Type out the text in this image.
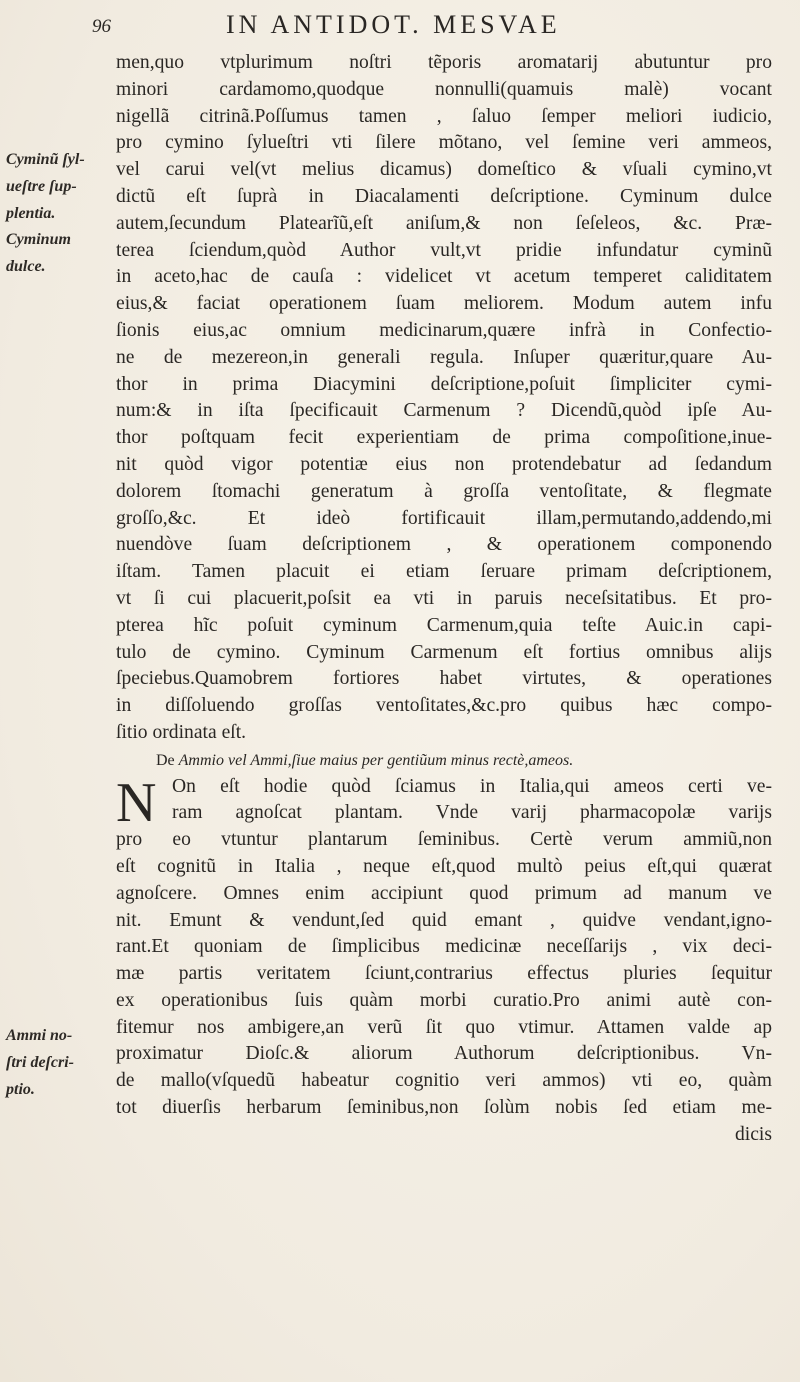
96	IN ANTIDOT. MESVAE
Cyminũ ſyl-
ueſtre ſup-
plentia.
Cyminum
dulce.
Ammi no-
ſtri deſcri-
ptio.
men,quo vtplurimum noſtri tẽporis aromatarij abutuntur pro
minori cardamomo,quodque nonnulli(quamuis malè) vocant
nigellã citrinã.Poſſumus tamen , ſaluo ſemper meliori iudicio,
pro cymino ſylueſtri vti ſilere mõtano, vel ſemine veri ammeos,
vel carui vel(vt melius dicamus) domeſtico & vſuali cymino,vt
dictũ eſt ſuprà in Diacalamenti deſcriptione. Cyminum dulce
autem,ſecundum Platearĩũ,eſt aniſum,& non ſeſeleos, &c. Præ-
terea ſciendum,quòd Author vult,vt pridie infundatur cyminũ
in aceto,hac de cauſa : videlicet vt acetum temperet caliditatem
eius,& faciat operationem ſuam meliorem. Modum autem infu
ſionis eius,ac omnium medicinarum,quære infrà in Confectio-
ne de mezereon,in generali regula. Inſuper quæritur,quare Au-
thor in prima Diacymini deſcriptione,poſuit ſimpliciter cymi-
num:& in iſta ſpecificauit Carmenum ? Dicendũ,quòd ipſe Au-
thor poſtquam fecit experientiam de prima compoſitione,inue-
nit quòd vigor potentiæ eius non protendebatur ad ſedandum
dolorem ſtomachi generatum à groſſa ventoſitate, & flegmate
groſſo,&c. Et ideò fortificauit illam,permutando,addendo,mi
nuendòve ſuam deſcriptionem , & operationem componendo
iſtam. Tamen placuit ei etiam ſeruare primam deſcriptionem,
vt ſi cui placuerit,poſsit ea vti in paruis neceſsitatibus. Et pro-
pterea hĩc poſuit cyminum Carmenum,quia teſte Auic.in capi-
tulo de cymino. Cyminum Carmenum eſt fortius omnibus alijs
ſpeciebus.Quamobrem fortiores habet virtutes, & operationes
in diſſoluendo groſſas ventoſitates,&c.pro quibus hæc compo-
ſitio ordinata eſt.
De Ammio vel Ammi,ſiue maius per gentiũum minus rectè,ameos.
N On eſt hodie quòd ſciamus in Italia,qui ameos certi ve-
ram agnoſcat plantam. Vnde varij pharmacopolæ varijs
pro eo vtuntur plantarum ſeminibus. Certè verum ammiũ,non
eſt cognitũ in Italia , neque eſt,quod multò peius eſt,qui quærat
agnoſcere. Omnes enim accipiunt quod primum ad manum ve
nit. Emunt & vendunt,ſed quid emant , quidve vendant,igno-
rant.Et quoniam de ſimplicibus medicinæ neceſſarijs , vix deci-
mæ partis veritatem ſciunt,contrarius effectus pluries ſequitur
ex operationibus ſuis quàm morbi curatio.Pro animi autè con-
fitemur nos ambigere,an verũ ſit quo vtimur. Attamen valde ap
proximatur Dioſc.& aliorum Authorum deſcriptionibus. Vn-
de mallo(vſquedũ habeatur cognitio veri ammos) vti eo, quàm
tot diuerſis herbarum ſeminibus,non ſolùm nobis ſed etiam me-
dicis
